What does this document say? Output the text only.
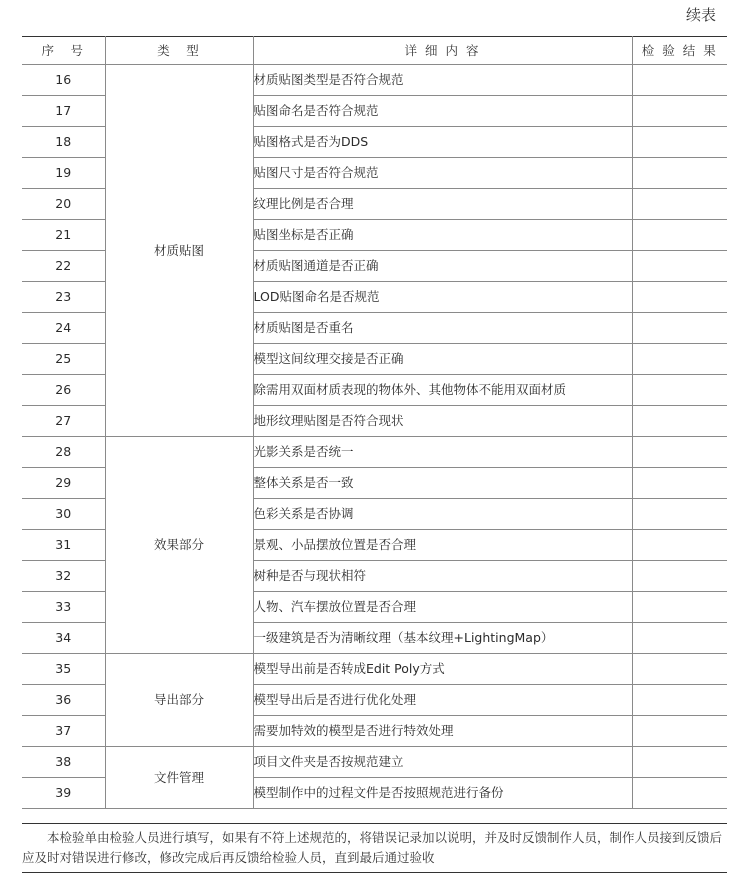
续表
序　号	类　型	详 细 内 容	检 验 结 果
16	材质贴图	材质贴图类型是否符合规范	
17		贴图命名是否符合规范	
18		贴图格式是否为DDS	
19		贴图尺寸是否符合规范	
20		纹理比例是否合理	
21		贴图坐标是否正确	
22		材质贴图通道是否正确	
23		LOD贴图命名是否规范	
24		材质贴图是否重名	
25		模型这间纹理交接是否正确	
26		除需用双面材质表现的物体外、其他物体不能用双面材质	
27		地形纹理贴图是否符合现状	
28	效果部分	光影关系是否统一	
29		整体关系是否一致	
30		色彩关系是否协调	
31		景观、小品摆放位置是否合理	
32		树种是否与现状相符	
33		人物、汽车摆放位置是否合理	
34		一级建筑是否为清晰纹理（基本纹理+LightingMap）	
35	导出部分	模型导出前是否转成Edit Poly方式	
36		模型导出后是否进行优化处理	
37		需要加特效的模型是否进行特效处理	
38	文件管理	项目文件夹是否按规范建立	
39		模型制作中的过程文件是否按照规范进行备份	
本检验单由检验人员进行填写，如果有不符上述规范的，将错误记录加以说明，并及时反馈制作人员，制作人员接到反馈后应及时对错误进行修改，修改完成后再反馈给检验人员，直到最后通过验收
